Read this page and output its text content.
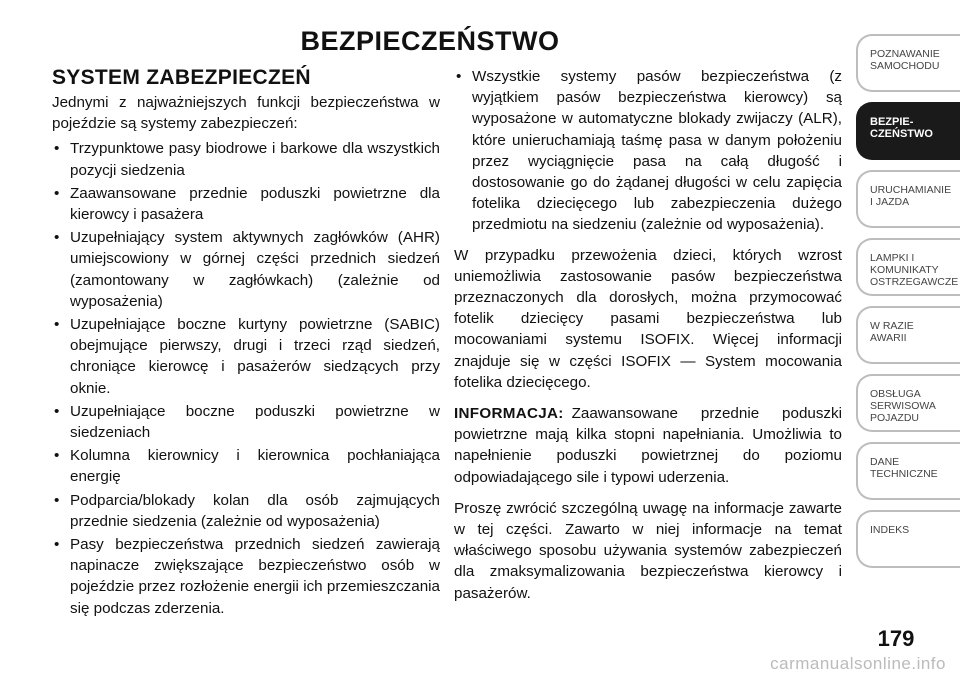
BEZPIECZEŃSTWO
SYSTEM ZABEZPIECZEŃ

Jednymi z najważniejszych funkcji bezpieczeństwa w pojeździe są systemy zabezpieczeń:

• Trzypunktowe pasy biodrowe i barkowe dla wszystkich pozycji siedzenia
• Zaawansowane przednie poduszki powietrzne dla kierowcy i pasażera
• Uzupełniający system aktywnych zagłówków (AHR) umiejscowiony w górnej części przednich siedzeń (zamontowany w zagłówkach) (zależnie od wyposażenia)
• Uzupełniające boczne kurtyny powietrzne (SABIC) obejmujące pierwszy, drugi i trzeci rząd siedzeń, chroniące kierowcę i pasażerów siedzących przy oknie.
• Uzupełniające boczne poduszki powietrzne w siedzeniach
• Kolumna kierownicy i kierownica pochłaniająca energię
• Podparcia/blokady kolan dla osób zajmujących przednie siedzenia (zależnie od wyposażenia)
• Pasy bezpieczeństwa przednich siedzeń zawierają napinacze zwiększające bezpieczeństwo osób w pojeździe przez rozłożenie energii ich przemieszczania się podczas zderzenia.
• Wszystkie systemy pasów bezpieczeństwa (z wyjątkiem pasów bezpieczeństwa kierowcy) są wyposażone w automatyczne blokady zwijaczy (ALR), które unieruchamiają taśmę pasa w danym położeniu przez wyciągnięcie pasa na całą długość i dostosowanie go do żądanej długości w celu zapięcia fotelika dziecięcego lub zabezpieczenia dużego przedmiotu na siedzeniu (zależnie od wyposażenia).

W przypadku przewożenia dzieci, których wzrost uniemożliwia zastosowanie pasów bezpieczeństwa przeznaczonych dla dorosłych, można przymocować fotelik dziecięcy pasami bezpieczeństwa lub mocowaniami systemu ISOFIX. Więcej informacji znajduje się w części ISOFIX — System mocowania fotelika dziecięcego.

INFORMACJA: Zaawansowane przednie poduszki powietrzne mają kilka stopni napełniania. Umożliwia to napełnienie poduszki powietrznej do poziomu odpowiadającego sile i typowi uderzenia.

Proszę zwrócić szczególną uwagę na informacje zawarte w tej części. Zawarto w niej informacje na temat właściwego sposobu używania systemów zabezpieczeń dla zmaksymalizowania bezpieczeństwa kierowcy i pasażerów.

POZNAWANIE
SAMOCHODU
BEZPIE-
CZEŃSTWO
URUCHAMIANIE
I JAZDA
LAMPKI I
KOMUNIKATY
OSTRZEGAWCZE
W RAZIE
AWARII
OBSŁUGA
SERWISOWA
POJAZDU
DANE
TECHNICZNE
INDEKS
179
carmanualsonline.info
